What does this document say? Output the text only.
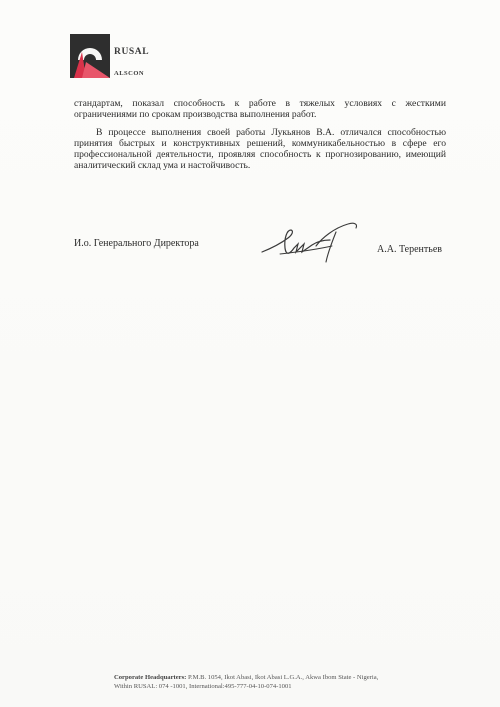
RUSAL
ALSCON

стандартам, показал способность к работе в тяжелых условиях с жесткими ограничениями по срокам производства выполнения работ.

В процессе выполнения своей работы Лукьянов В.А. отличался способностью принятия быстрых и конструктивных решений, коммуникабельностью в сфере его профессиональной деятельности, проявляя способность к прогнозированию, имеющий аналитический склад ума и настойчивость.

И.о. Генерального Директора
А.А. Терентьев
Corporate Headquarters: P.M.B. 1054, Ikot Abasi, Ikot Abasi L.G.A., Akwa Ibom State - Nigeria,
Within RUSAL: 074 -1001, International:495-777-04-10-074-1001
